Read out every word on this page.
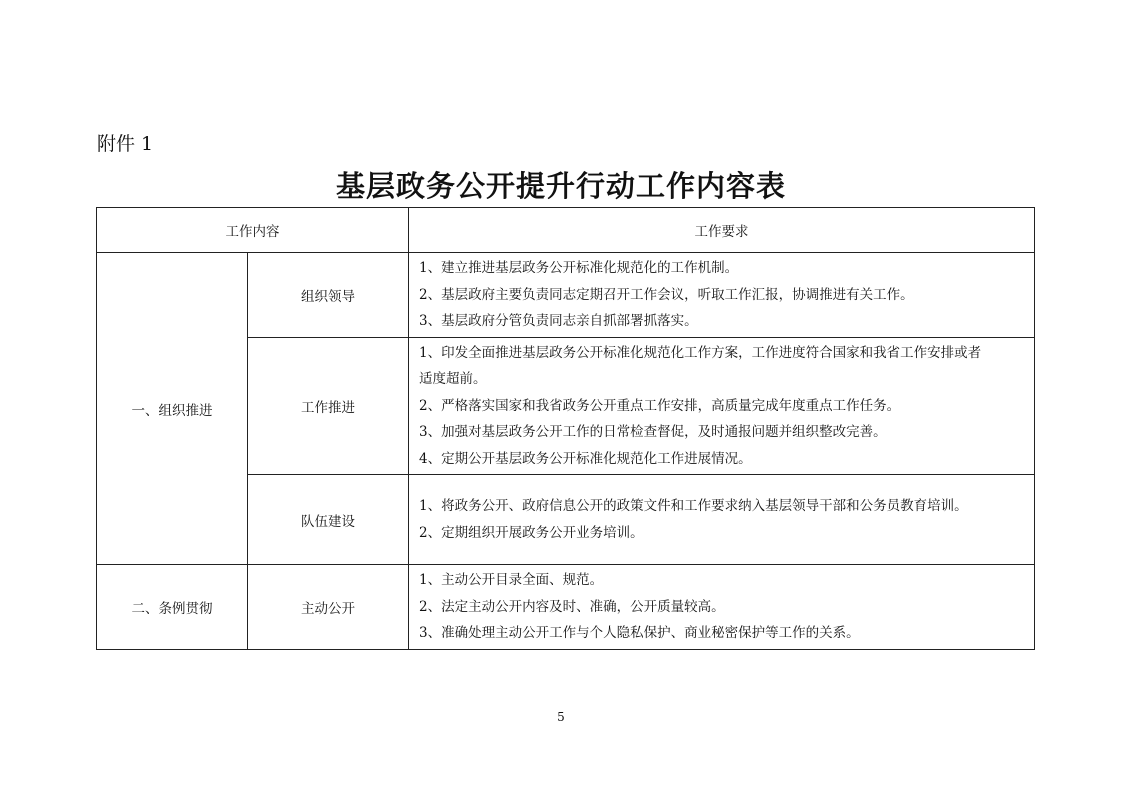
附件 1
基层政务公开提升行动工作内容表
工作内容		工作要求
一、组织推进	组织领导	1、建立推进基层政务公开标准化规范化的工作机制。
2、基层政府主要负责同志定期召开工作会议，听取工作汇报，协调推进有关工作。
3、基层政府分管负责同志亲自抓部署抓落实。

	工作推进	1、印发全面推进基层政务公开标准化规范化工作方案，工作进度符合国家和我省工作安排或者
适度超前。
2、严格落实国家和我省政务公开重点工作安排，高质量完成年度重点工作任务。
3、加强对基层政务公开工作的日常检查督促，及时通报问题并组织整改完善。
4、定期公开基层政务公开标准化规范化工作进展情况。

	队伍建设	1、将政务公开、政府信息公开的政策文件和工作要求纳入基层领导干部和公务员教育培训。
2、定期组织开展政务公开业务培训。

二、条例贯彻	主动公开	1、主动公开目录全面、规范。
2、法定主动公开内容及时、准确，公开质量较高。
3、准确处理主动公开工作与个人隐私保护、商业秘密保护等工作的关系。
5
